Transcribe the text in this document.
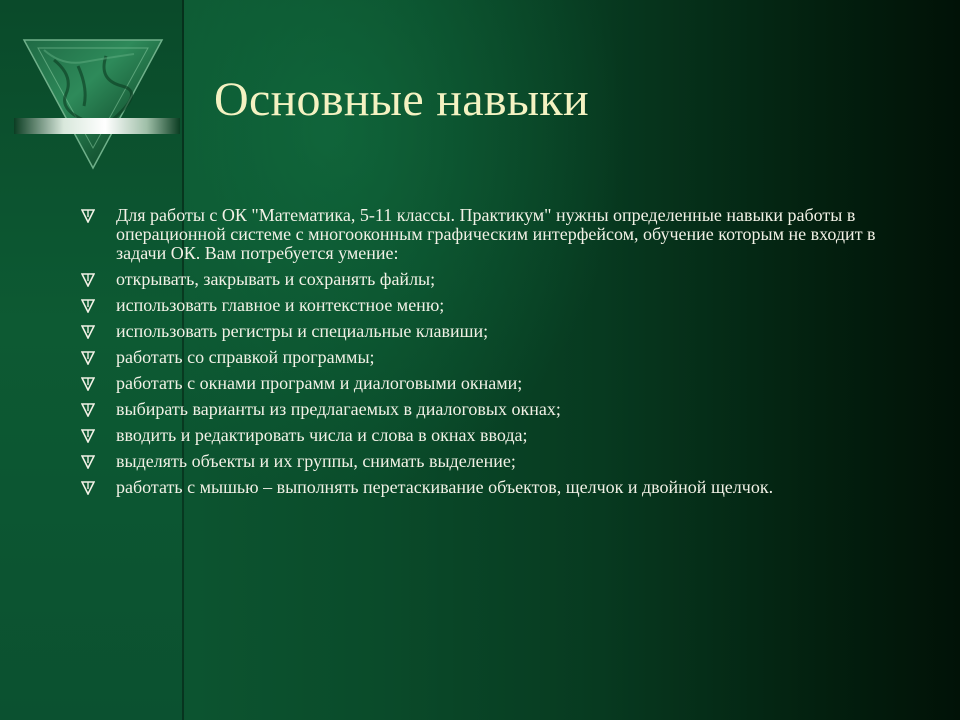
Основные навыки
Для работы с ОК "Математика, 5-11 классы. Практикум" нужны определенные навыки работы в операционной системе с многооконным графическим интерфейсом, обучение которым не входит в задачи ОК. Вам потребуется умение:
открывать, закрывать и сохранять файлы;
использовать главное и контекстное меню;
использовать регистры и специальные клавиши;
работать со справкой программы;
работать с окнами программ и диалоговыми окнами;
выбирать варианты из предлагаемых в диалоговых окнах;
вводить и редактировать числа и слова в окнах ввода;
выделять объекты и их группы, снимать выделение;
работать с мышью – выполнять перетаскивание объектов, щелчок и двойной щелчок.
